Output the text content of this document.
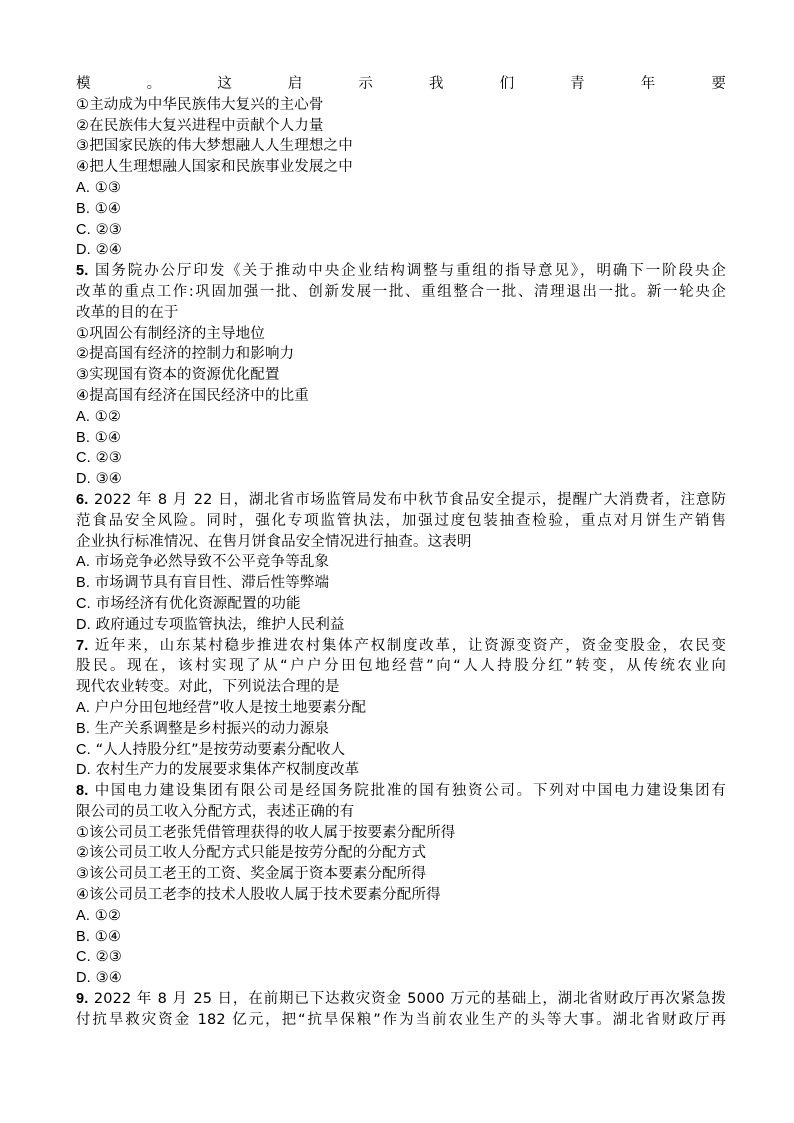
模。这启示我们青年要
①主动成为中华民族伟大复兴的主心骨
②在民族伟大复兴进程中贡献个人力量
③把国家民族的伟大梦想融人人生理想之中
④把人生理想融人国家和民族事业发展之中
A. ①③
B. ①④
C. ②③
D. ②④
5. 国务院办公厅印发《关于推动中央企业结构调整与重组的指导意见》，明确下一阶段央企
改革的重点工作:巩固加强一批、创新发展一批、重组整合一批、清理退出一批。新一轮央企
改革的目的在于
①巩固公有制经济的主导地位
②提高国有经济的控制力和影响力
③实现国有资本的资源优化配置
④提高国有经济在国民经济中的比重
A. ①②
B. ①④
C. ②③
D. ③④
6. 2022 年 8 月 22 日，湖北省市场监管局发布中秋节食品安全提示，提醒广大消费者，注意防
范食品安全风险。同时，强化专项监管执法，加强过度包装抽查检验，重点对月饼生产销售
企业执行标准情况、在售月饼食品安全情况进行抽查。这表明
A. 市场竞争必然导致不公平竞争等乱象
B. 市场调节具有盲目性、滞后性等弊端
C. 市场经济有优化资源配置的功能
D. 政府通过专项监管执法，维护人民利益
7. 近年来，山东某村稳步推进农村集体产权制度改革，让资源变资产，资金变股金，农民变
股民。现在，该村实现了从“户户分田包地经营”向“人人持股分红”转变，从传统农业向
现代农业转变。对此，下列说法合理的是
A. 户户分田包地经营”收人是按土地要素分配
B. 生产关系调整是乡村振兴的动力源泉
C. “人人持股分红”是按劳动要素分配收人
D. 农村生产力的发展要求集体产权制度改革
8. 中国电力建设集团有限公司是经国务院批准的国有独资公司。下列对中国电力建设集团有
限公司的员工收入分配方式，表述正确的有
①该公司员工老张凭借管理获得的收人属于按要素分配所得
②该公司员工收人分配方式只能是按劳分配的分配方式
③该公司员工老王的工资、奖金属于资本要素分配所得
④该公司员工老李的技术人股收人属于技术要素分配所得
A. ①②
B. ①④
C. ②③
D. ③④
9. 2022 年 8 月 25 日，在前期已下达救灾资金 5000 万元的基础上，湖北省财政厅再次紧急拨
付抗旱救灾资金 182 亿元，把“抗旱保粮”作为当前农业生产的头等大事。湖北省财政厅再
